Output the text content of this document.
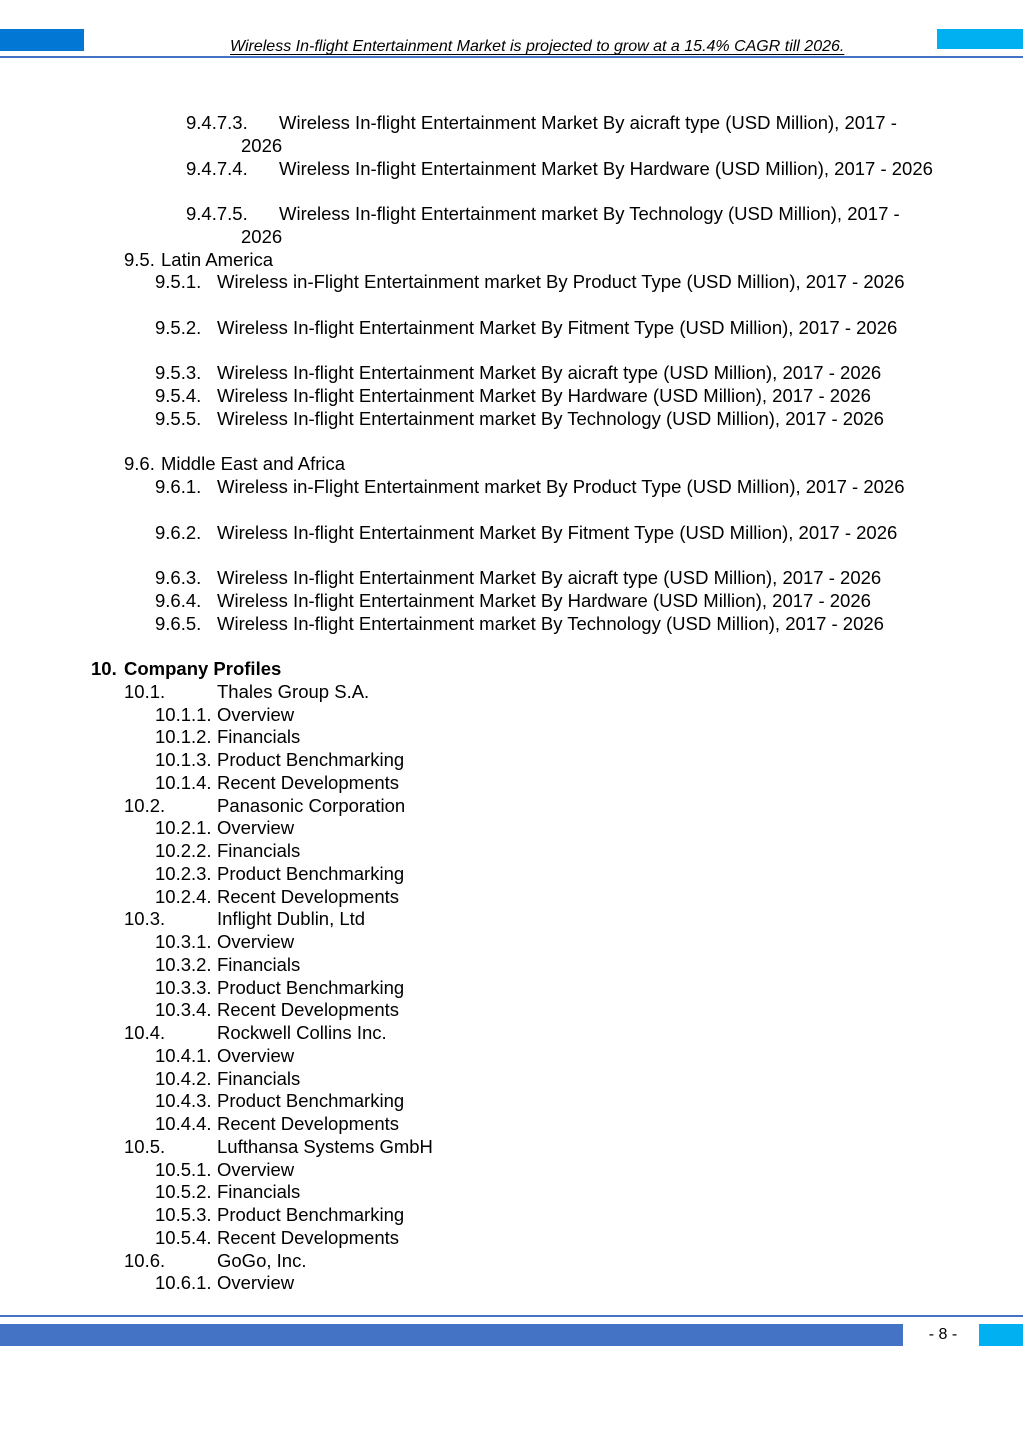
Wireless In-flight Entertainment Market is projected to grow at a 15.4% CAGR till 2026.
9.4.7.3.	Wireless In-flight Entertainment Market By aicraft type (USD Million), 2017 - 2026
9.4.7.4.	Wireless In-flight Entertainment Market By Hardware (USD Million), 2017 - 2026
9.4.7.5.	Wireless In-flight Entertainment market By Technology (USD Million), 2017 - 2026
9.5. Latin America
9.5.1. Wireless in-Flight Entertainment market By Product Type (USD Million), 2017 - 2026
9.5.2. Wireless In-flight Entertainment Market By Fitment Type (USD Million), 2017 - 2026
9.5.3. Wireless In-flight Entertainment Market By aicraft type (USD Million), 2017 - 2026
9.5.4. Wireless In-flight Entertainment Market By Hardware (USD Million), 2017 - 2026
9.5.5. Wireless In-flight Entertainment market By Technology (USD Million), 2017 - 2026
9.6. Middle East and Africa
9.6.1. Wireless in-Flight Entertainment market By Product Type (USD Million), 2017 - 2026
9.6.2. Wireless In-flight Entertainment Market By Fitment Type (USD Million), 2017 - 2026
9.6.3. Wireless In-flight Entertainment Market By aicraft type (USD Million), 2017 - 2026
9.6.4. Wireless In-flight Entertainment Market By Hardware (USD Million), 2017 - 2026
9.6.5. Wireless In-flight Entertainment market By Technology (USD Million), 2017 - 2026
10. Company Profiles
10.1.	Thales Group S.A.
10.1.1. Overview
10.1.2. Financials
10.1.3. Product Benchmarking
10.1.4. Recent Developments
10.2.	Panasonic Corporation
10.2.1. Overview
10.2.2. Financials
10.2.3. Product Benchmarking
10.2.4. Recent Developments
10.3.	Inflight Dublin, Ltd
10.3.1. Overview
10.3.2. Financials
10.3.3. Product Benchmarking
10.3.4. Recent Developments
10.4.	Rockwell Collins Inc.
10.4.1. Overview
10.4.2. Financials
10.4.3. Product Benchmarking
10.4.4. Recent Developments
10.5.	Lufthansa Systems GmbH
10.5.1. Overview
10.5.2. Financials
10.5.3. Product Benchmarking
10.5.4. Recent Developments
10.6.	GoGo, Inc.
10.6.1. Overview
- 8 -
